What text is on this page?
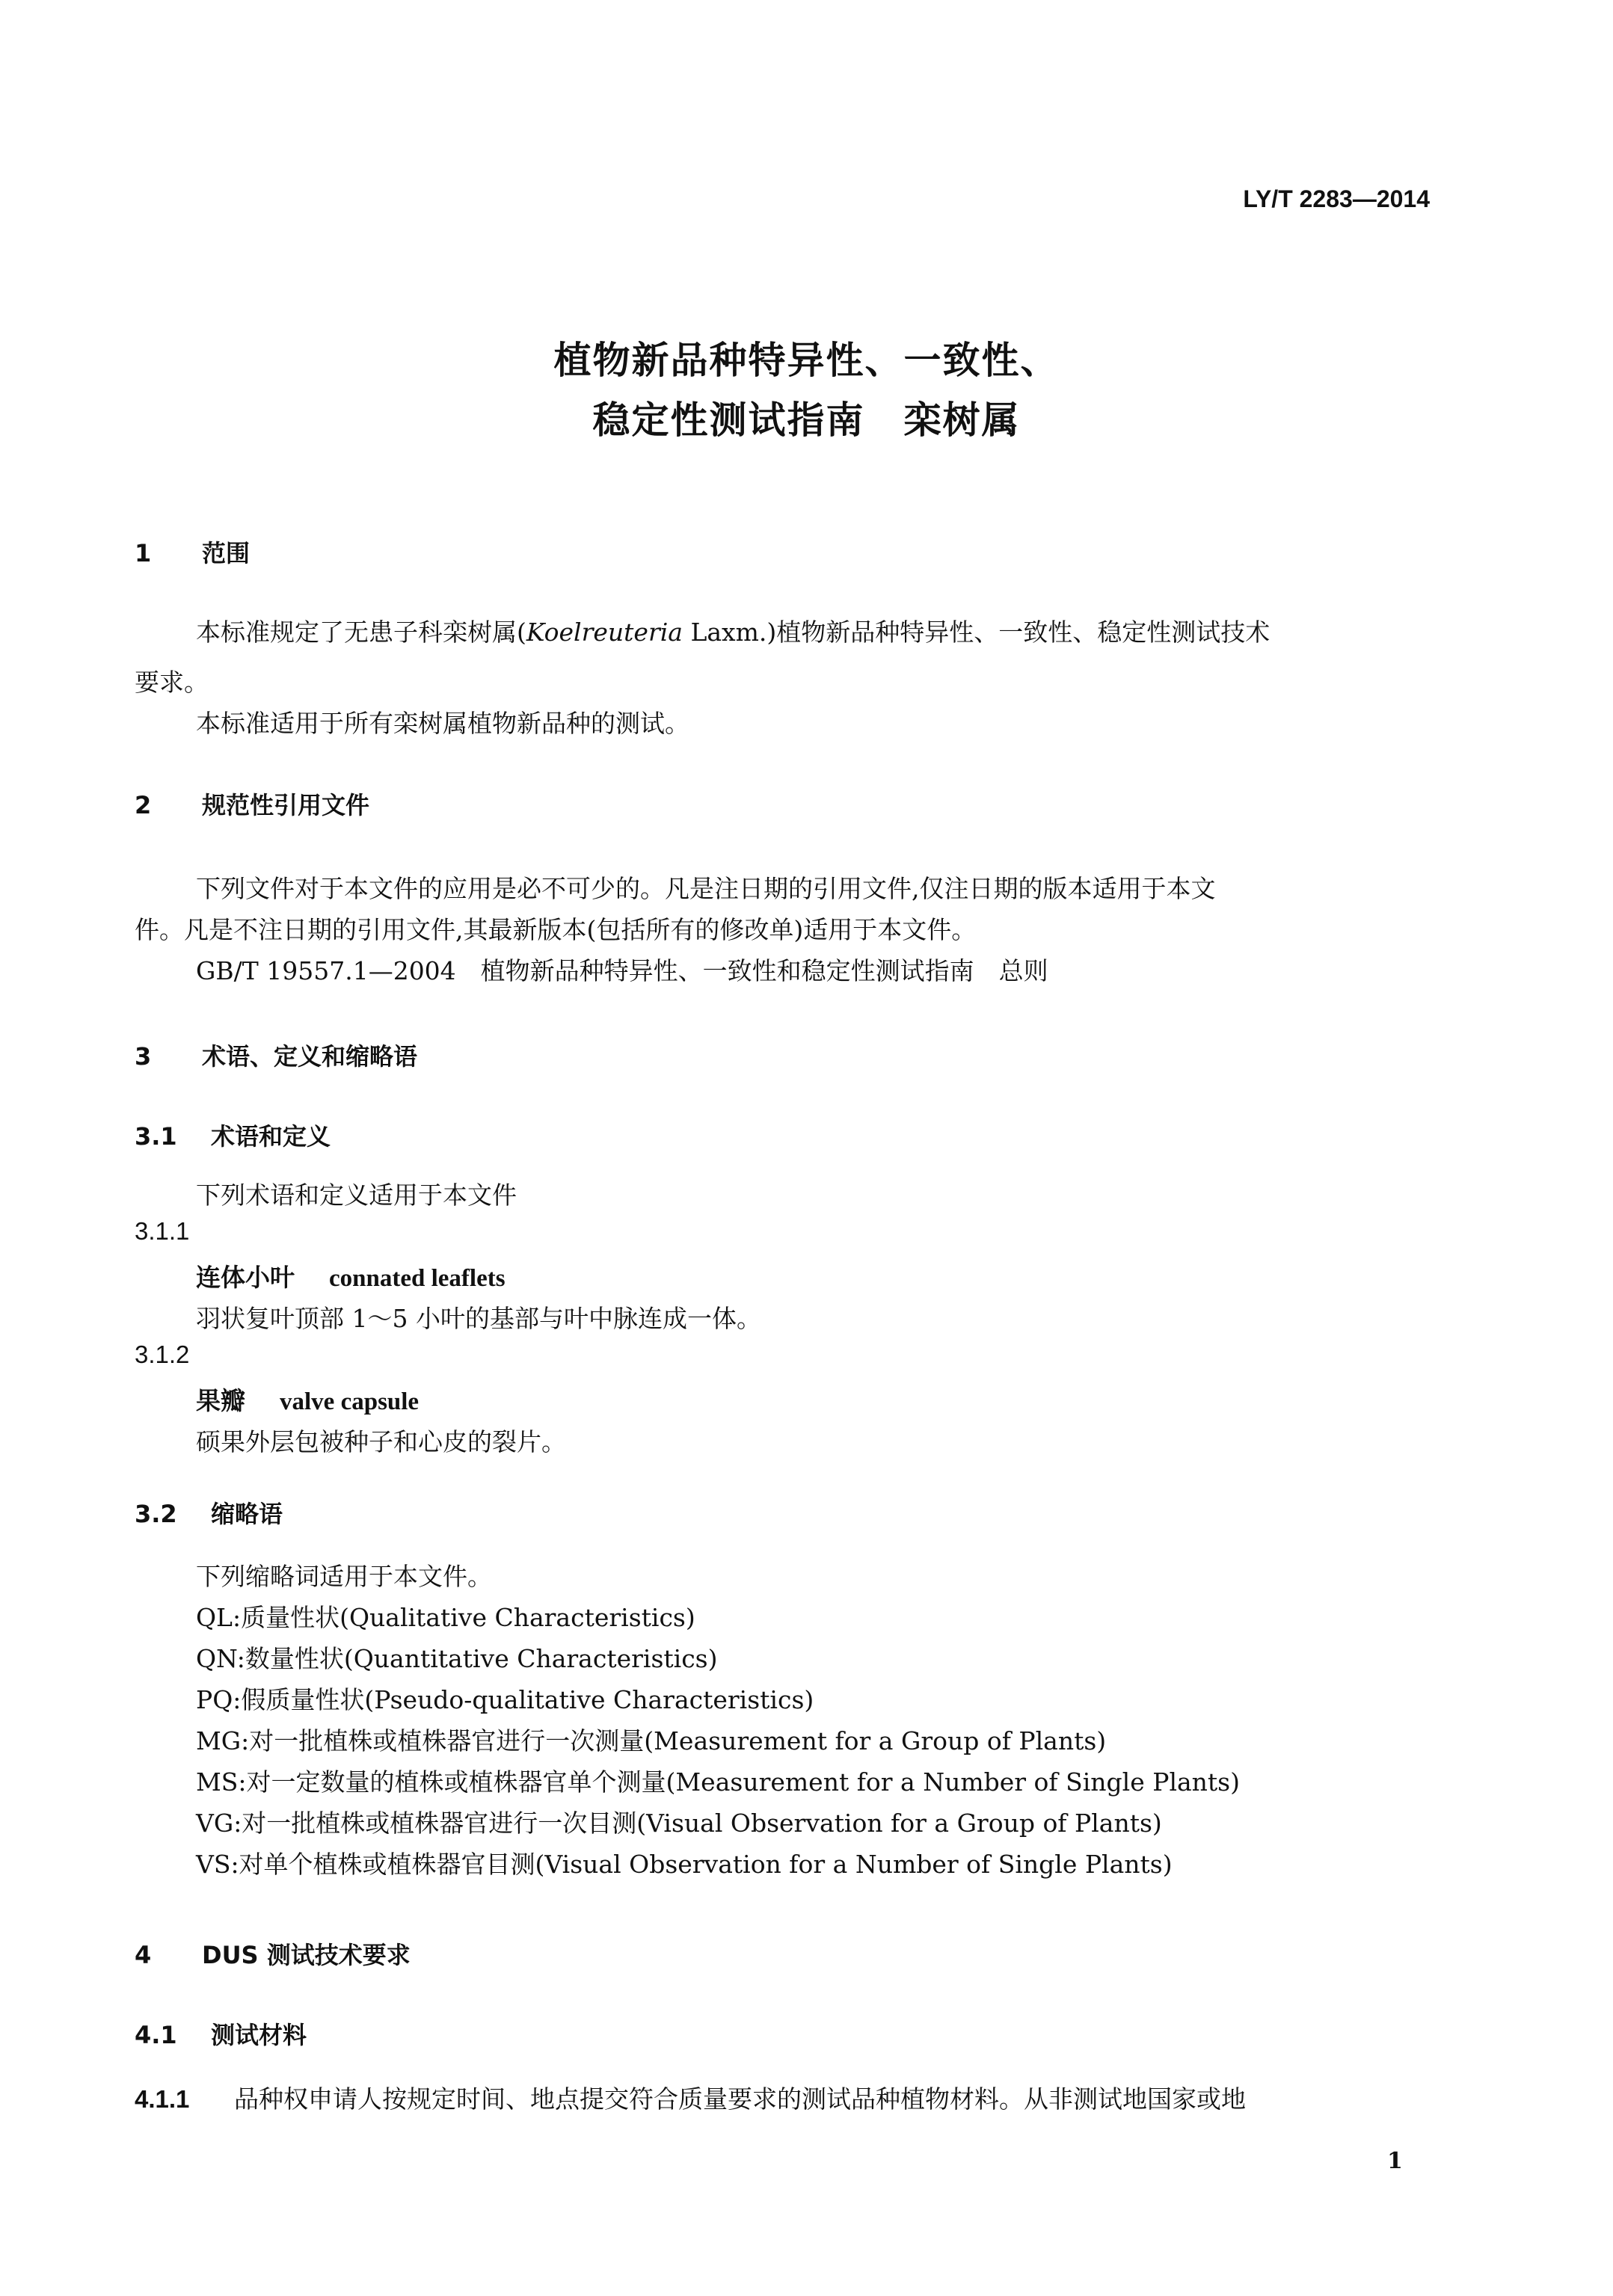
LY/T 2283—2014
植物新品种特异性、一致性、
稳定性测试指南　栾树属
1 范围
本标准规定了无患子科栾树属(Koelreuteria Laxm.)植物新品种特异性、一致性、稳定性测试技术
要求。
本标准适用于所有栾树属植物新品种的测试。
2 规范性引用文件
下列文件对于本文件的应用是必不可少的。凡是注日期的引用文件,仅注日期的版本适用于本文
件。凡是不注日期的引用文件,其最新版本(包括所有的修改单)适用于本文件。
GB/T 19557.1—2004　植物新品种特异性、一致性和稳定性测试指南　总则
3 术语、定义和缩略语
3.1 术语和定义
下列术语和定义适用于本文件
3.1.1
连体小叶 connated leaflets
羽状复叶顶部 1～5 小叶的基部与叶中脉连成一体。
3.1.2
果瓣 valve capsule
硕果外层包被种子和心皮的裂片。
3.2 缩略语
下列缩略词适用于本文件。
QL:质量性状(Qualitative Characteristics)
QN:数量性状(Quantitative Characteristics)
PQ:假质量性状(Pseudo-qualitative Characteristics)
MG:对一批植株或植株器官进行一次测量(Measurement for a Group of Plants)
MS:对一定数量的植株或植株器官单个测量(Measurement for a Number of Single Plants)
VG:对一批植株或植株器官进行一次目测(Visual Observation for a Group of Plants)
VS:对单个植株或植株器官目测(Visual Observation for a Number of Single Plants)
4 DUS 测试技术要求
4.1 测试材料
4.1.1 品种权申请人按规定时间、地点提交符合质量要求的测试品种植物材料。从非测试地国家或地
1
